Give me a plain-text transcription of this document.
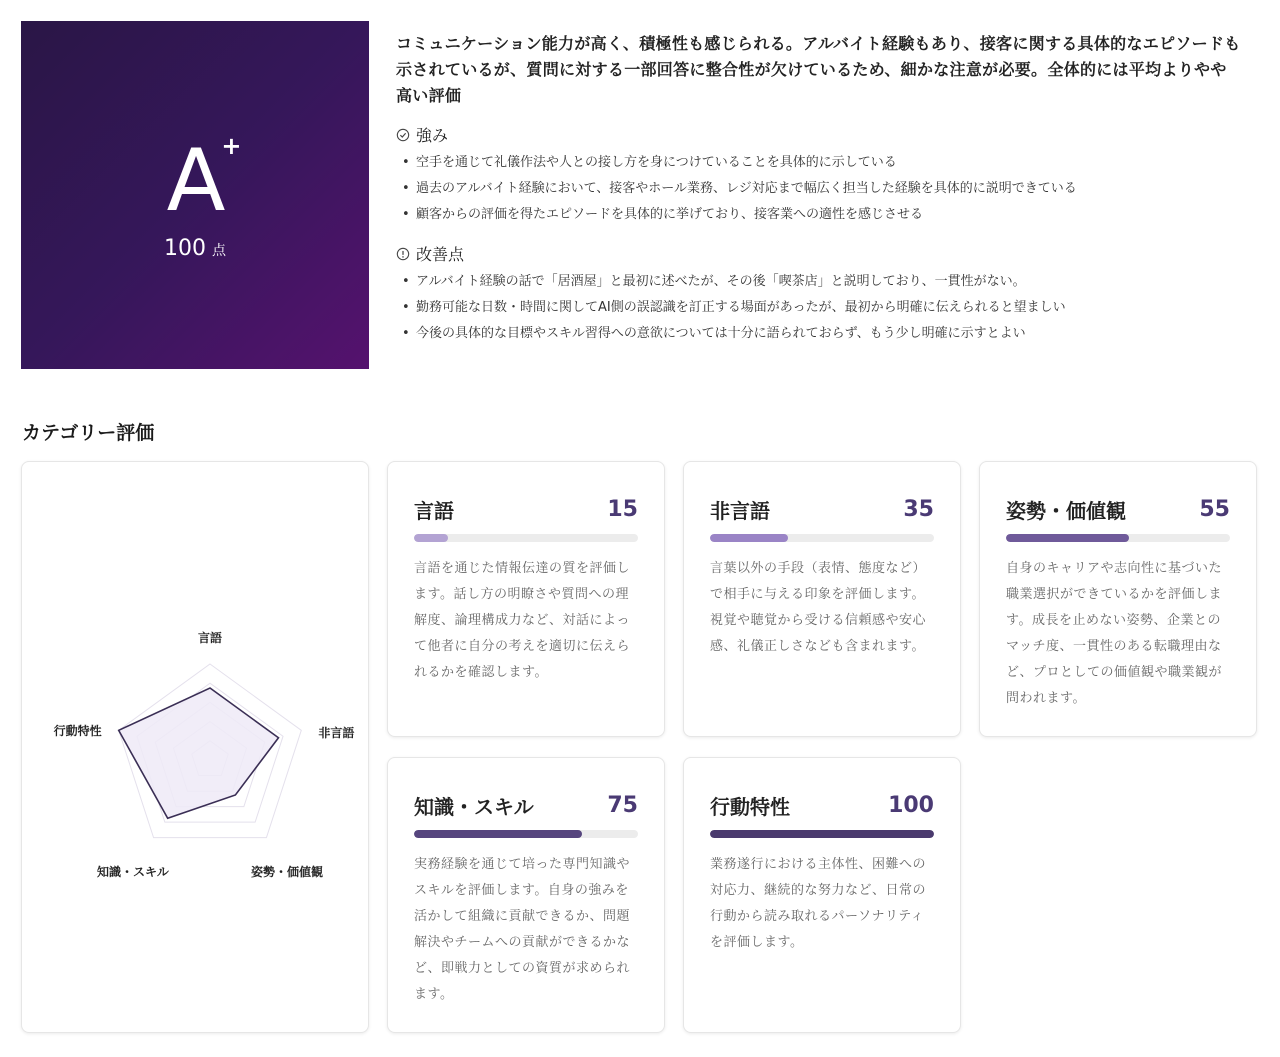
A
+
100 点

コミュニケーション能力が高く、積極性も感じられる。アルバイト経験もあり、接客に関する具体的なエピソードも示されているが、質問に対する一部回答に整合性が欠けているため、細かな注意が必要。全体的には平均よりやや高い評価

強み
• 空手を通じて礼儀作法や人との接し方を身につけていることを具体的に示している
• 過去のアルバイト経験において、接客やホール業務、レジ対応まで幅広く担当した経験を具体的に説明できている
• 顧客からの評価を得たエピソードを具体的に挙げており、接客業への適性を感じさせる
改善点
• アルバイト経験の話で「居酒屋」と最初に述べたが、その後「喫茶店」と説明しており、一貫性がない。
• 勤務可能な日数・時間に関してAI側の誤認識を訂正する場面があったが、最初から明確に伝えられると望ましい
• 今後の具体的な目標やスキル習得への意欲については十分に語られておらず、もう少し明確に示すとよい
カテゴリー評価
言語
非言語
姿勢・価値観
知識・スキル
行動特性
言語	15

言語を通じた情報伝達の質を評価します。話し方の明瞭さや質問への理解度、論理構成力など、対話によって他者に自分の考えを適切に伝えられるかを確認します。

非言語	35

言葉以外の手段（表情、態度など）で相手に与える印象を評価します。視覚や聴覚から受ける信頼感や安心感、礼儀正しさなども含まれます。

姿勢・価値観	55

自身のキャリアや志向性に基づいた職業選択ができているかを評価します。成長を止めない姿勢、企業とのマッチ度、一貫性のある転職理由など、プロとしての価値観や職業観が問われます。

知識・スキル	75

実務経験を通じて培った専門知識やスキルを評価します。自身の強みを活かして組織に貢献できるか、問題解決やチームへの貢献ができるかなど、即戦力としての資質が求められます。

行動特性	100

業務遂行における主体性、困難への対応力、継続的な努力など、日常の行動から読み取れるパーソナリティを評価します。
